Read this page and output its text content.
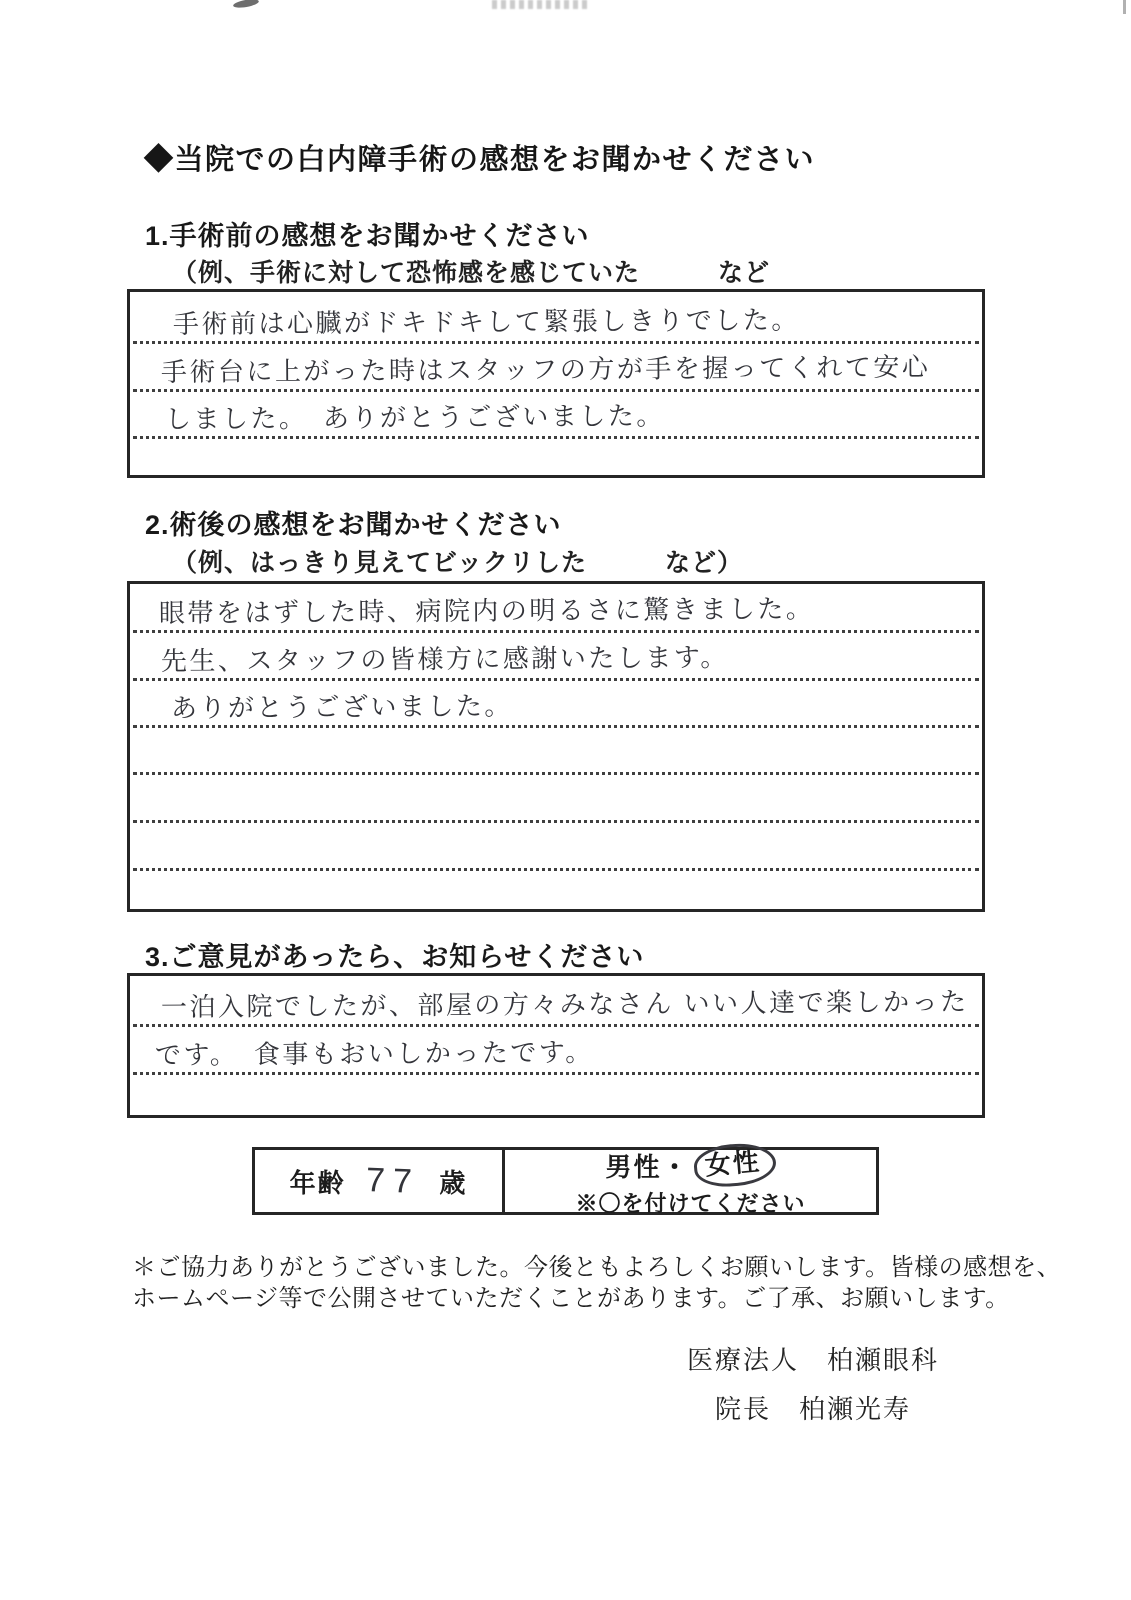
◆当院での白内障手術の感想をお聞かせください
1.手術前の感想をお聞かせください
（例、手術に対して恐怖感を感じていた　　　など
手術前は心臓がドキドキして緊張しきりでした。
手術台に上がった時はスタッフの方が手を握ってくれて安心
しました。　ありがとうございました。
2.術後の感想をお聞かせください
（例、はっきり見えてビックリした　　　など）
眼帯をはずした時、病院内の明るさに驚きました。
先生、スタッフの皆様方に感謝いたします。
ありがとうございました。
3.ご意見があったら、お知らせください
一泊入院でしたが、部屋の方々みなさん いい人達で楽しかった
です。　食事もおいしかったです。
年齢 77 歳
男性 ・ 女性
※〇を付けてください
＊ご協力ありがとうございました。今後ともよろしくお願いします。皆様の感想を、
ホームページ等で公開させていただくことがあります。ご了承、お願いします。
医療法人　柏瀬眼科
院長　柏瀬光寿
